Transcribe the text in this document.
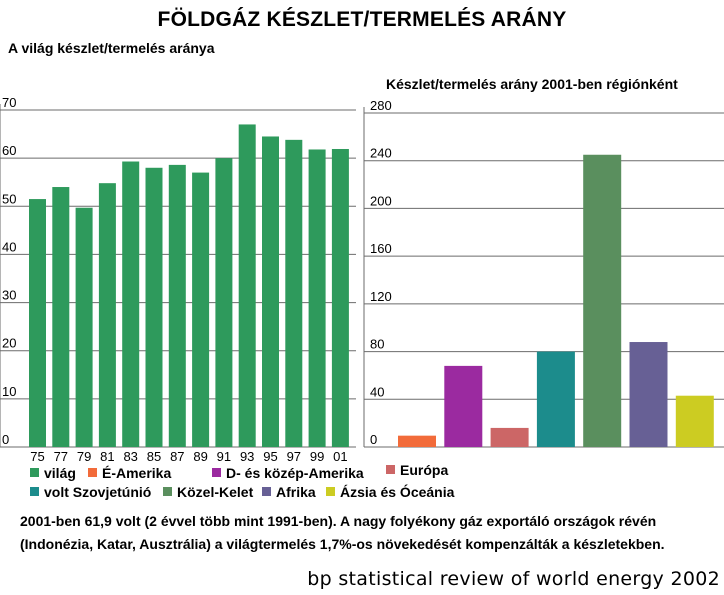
FÖLDGÁZ KÉSZLET/TERMELÉS ARÁNY
A világ készlet/termelés aránya
Készlet/termelés arány 2001-ben régiónként
0
10
20
30
40
50
60
70
75 77 79 81 83 85 87 89 91 93 95 97 99 01
0
40
80
120
160
200
240
280
világ	É-Amerika	D- és közép-Amerika	Európa
volt Szovjetúnió	Közel-Kelet	Afrika	Ázsia és Óceánia
2001-ben 61,9 volt (2 évvel több mint 1991-ben). A nagy folyékony gáz exportáló országok révén (Indonézia, Katar, Ausztrália) a világtermelés 1,7%-os növekedését kompenzálták a készletekben.
bp statistical review of world energy 2002
